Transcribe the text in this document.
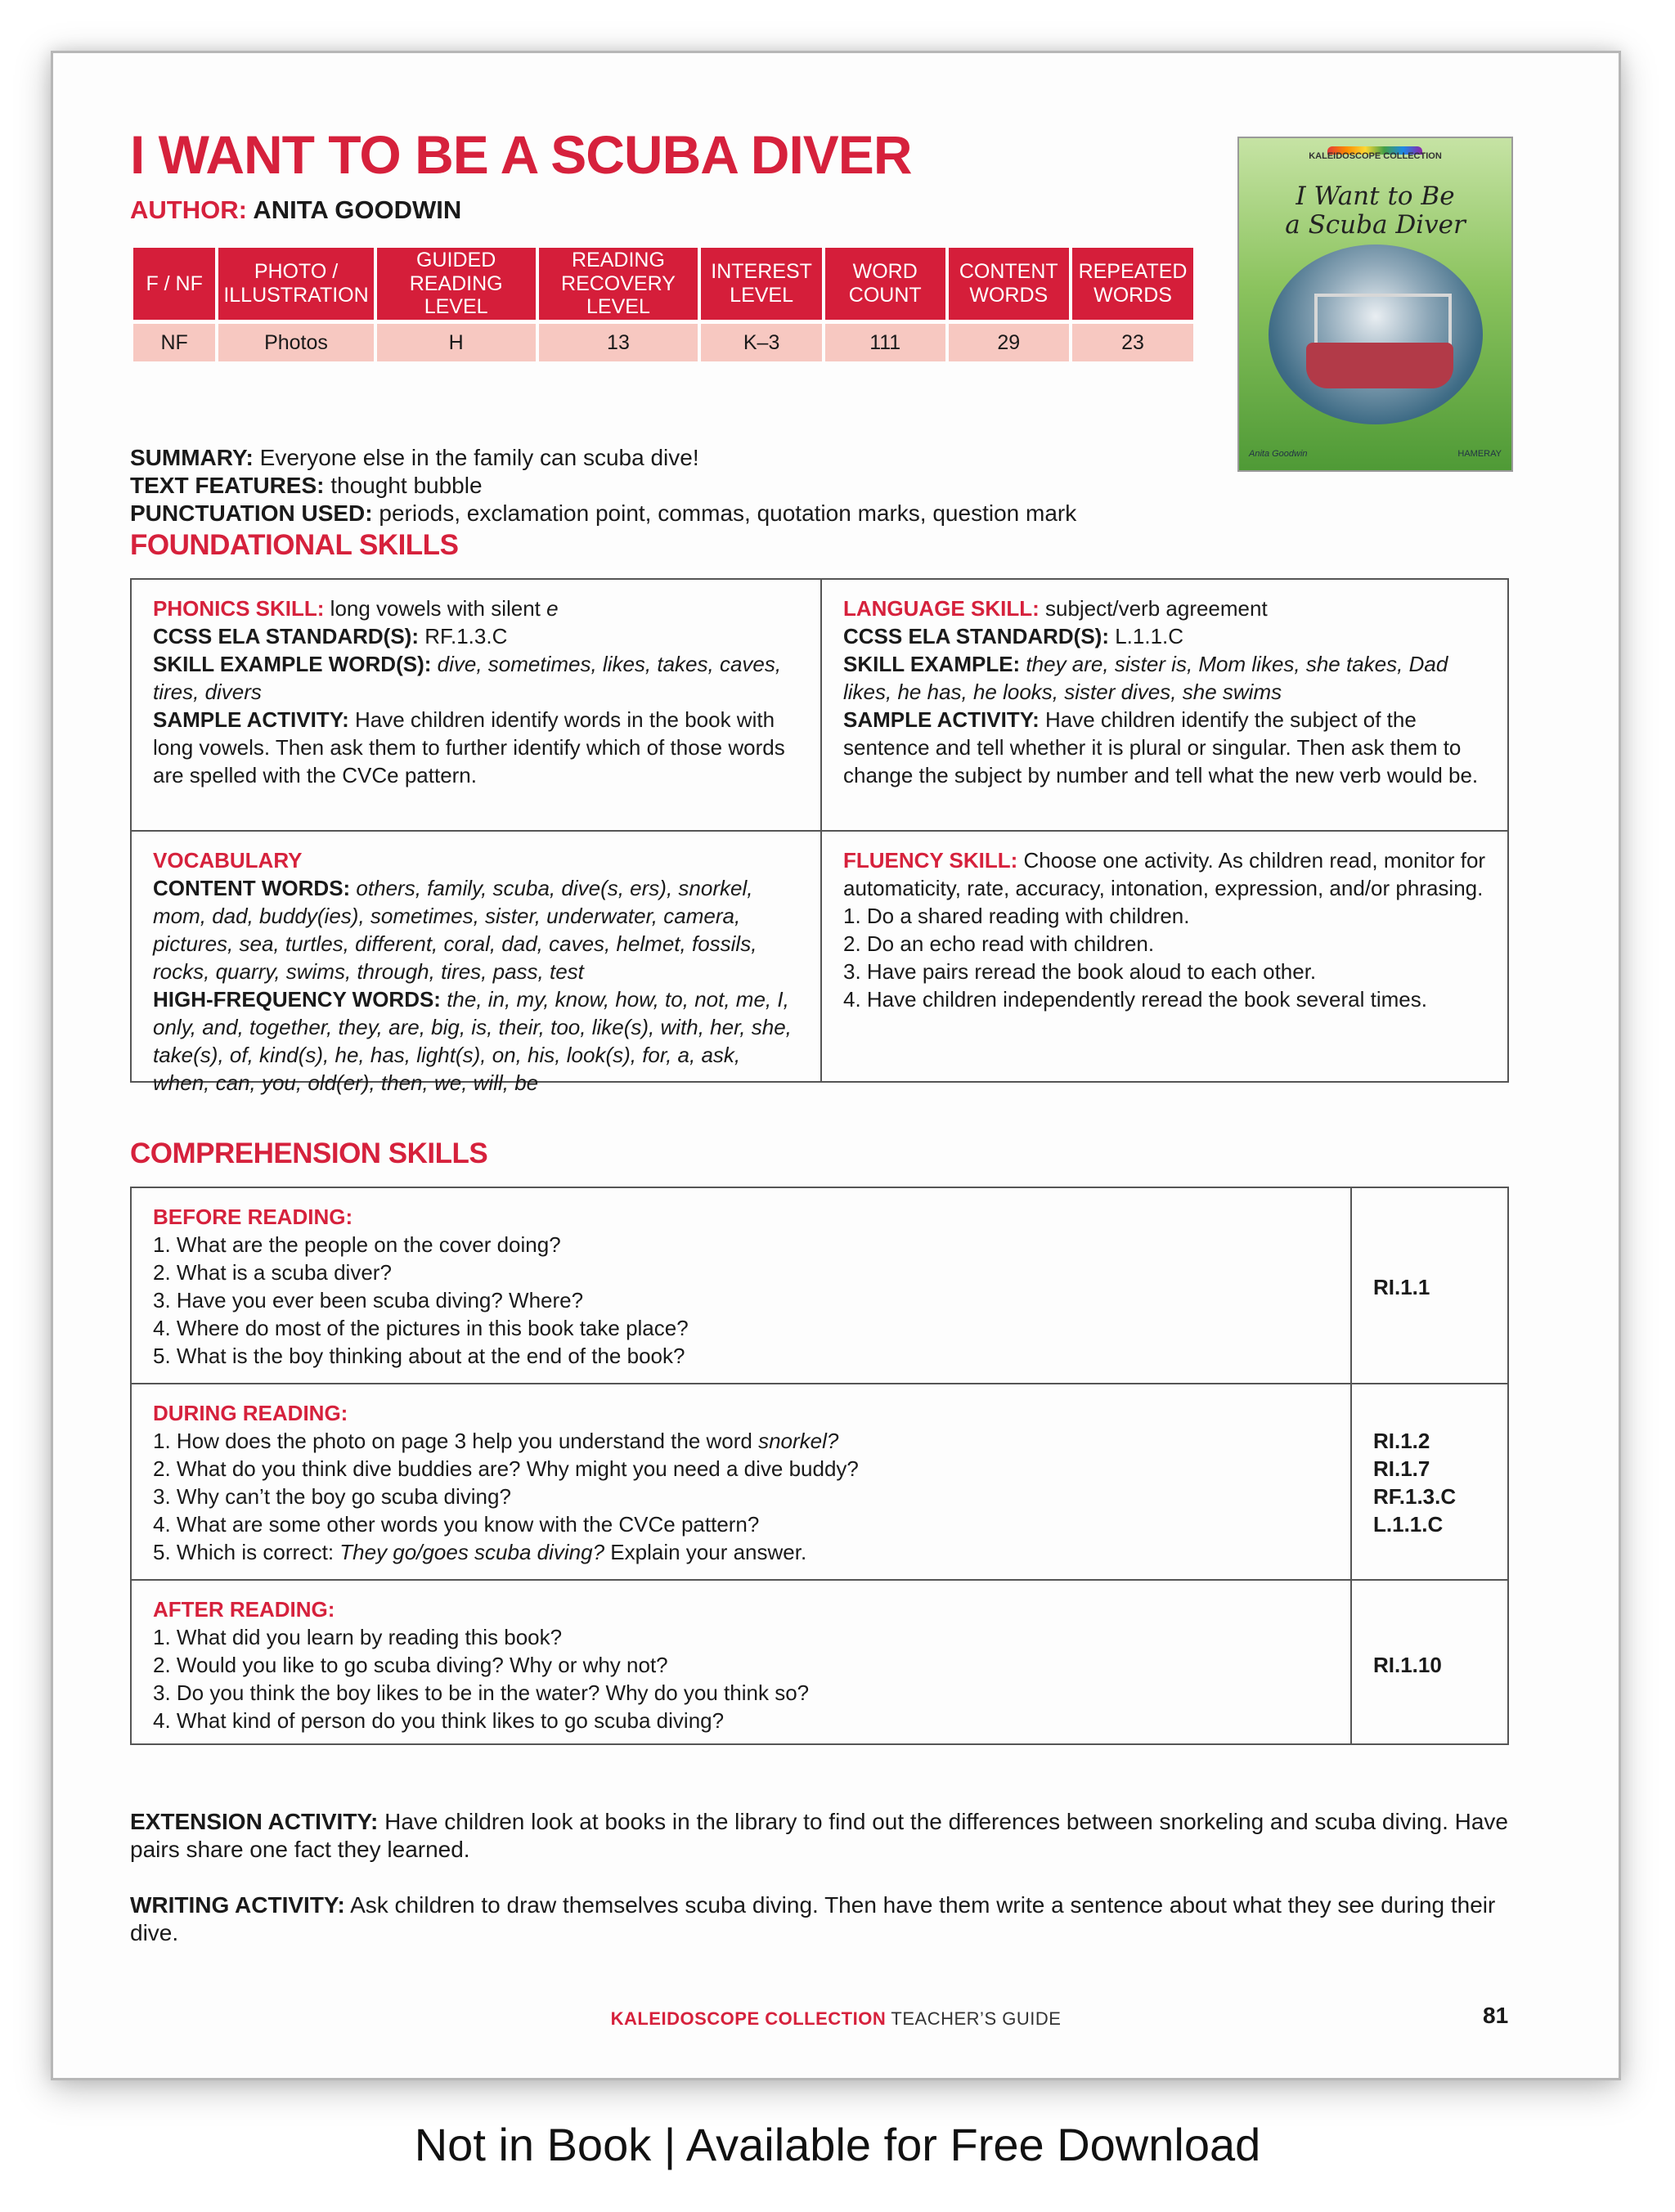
I WANT TO BE A SCUBA DIVER
AUTHOR: ANITA GOODWIN
F / NF	PHOTO / ILLUSTRATION	GUIDED READING LEVEL	READING RECOVERY LEVEL	INTEREST LEVEL	WORD COUNT	CONTENT WORDS	REPEATED WORDS
NF	Photos	H	13	K–3	111	29	23
KALEIDOSCOPE COLLECTION
I Want to Be
a Scuba Diver
Anita Goodwin	HAMERAY
SUMMARY: Everyone else in the family can scuba dive!
TEXT FEATURES: thought bubble
PUNCTUATION USED: periods, exclamation point, commas, quotation marks, question mark
FOUNDATIONAL SKILLS
PHONICS SKILL: long vowels with silent e
CCSS ELA STANDARD(S): RF.1.3.C
SKILL EXAMPLE WORD(S): dive, sometimes, likes, takes, caves, tires, divers
SAMPLE ACTIVITY: Have children identify words in the book with long vowels. Then ask them to further identify which of those words are spelled with the CVCe pattern.
LANGUAGE SKILL: subject/verb agreement
CCSS ELA STANDARD(S): L.1.1.C
SKILL EXAMPLE: they are, sister is, Mom likes, she takes, Dad likes, he has, he looks, sister dives, she swims
SAMPLE ACTIVITY: Have children identify the subject of the sentence and tell whether it is plural or singular. Then ask them to change the subject by number and tell what the new verb would be.
VOCABULARY
CONTENT WORDS: others, family, scuba, dive(s, ers), snorkel, mom, dad, buddy(ies), sometimes, sister, underwater, camera, pictures, sea, turtles, different, coral, dad, caves, helmet, fossils, rocks, quarry, swims, through, tires, pass, test
HIGH-FREQUENCY WORDS: the, in, my, know, how, to, not, me, I, only, and, together, they, are, big, is, their, too, like(s), with, her, she, take(s), of, kind(s), he, has, light(s), on, his, look(s), for, a, ask, when, can, you, old(er), then, we, will, be
FLUENCY SKILL: Choose one activity. As children read, monitor for automaticity, rate, accuracy, intonation, expression, and/or phrasing.
1. Do a shared reading with children.
2. Do an echo read with children.
3. Have pairs reread the book aloud to each other.
4. Have children independently reread the book several times.
COMPREHENSION SKILLS
BEFORE READING:
1. What are the people on the cover doing?
2. What is a scuba diver?
3. Have you ever been scuba diving? Where?
4. Where do most of the pictures in this book take place?
5. What is the boy thinking about at the end of the book?
RI.1.1
DURING READING:
1. How does the photo on page 3 help you understand the word snorkel?
2. What do you think dive buddies are? Why might you need a dive buddy?
3. Why can’t the boy go scuba diving?
4. What are some other words you know with the CVCe pattern?
5. Which is correct: They go/goes scuba diving? Explain your answer.
RI.1.2
RI.1.7
RF.1.3.C
L.1.1.C
AFTER READING:
1. What did you learn by reading this book?
2. Would you like to go scuba diving? Why or why not?
3. Do you think the boy likes to be in the water? Why do you think so?
4. What kind of person do you think likes to go scuba diving?
RI.1.10
EXTENSION ACTIVITY: Have children look at books in the library to find out the differences between snorkeling and scuba diving. Have pairs share one fact they learned.
WRITING ACTIVITY: Ask children to draw themselves scuba diving. Then have them write a sentence about what they see during their dive.
KALEIDOSCOPE COLLECTION TEACHER’S GUIDE	81
Not in Book | Available for Free Download
